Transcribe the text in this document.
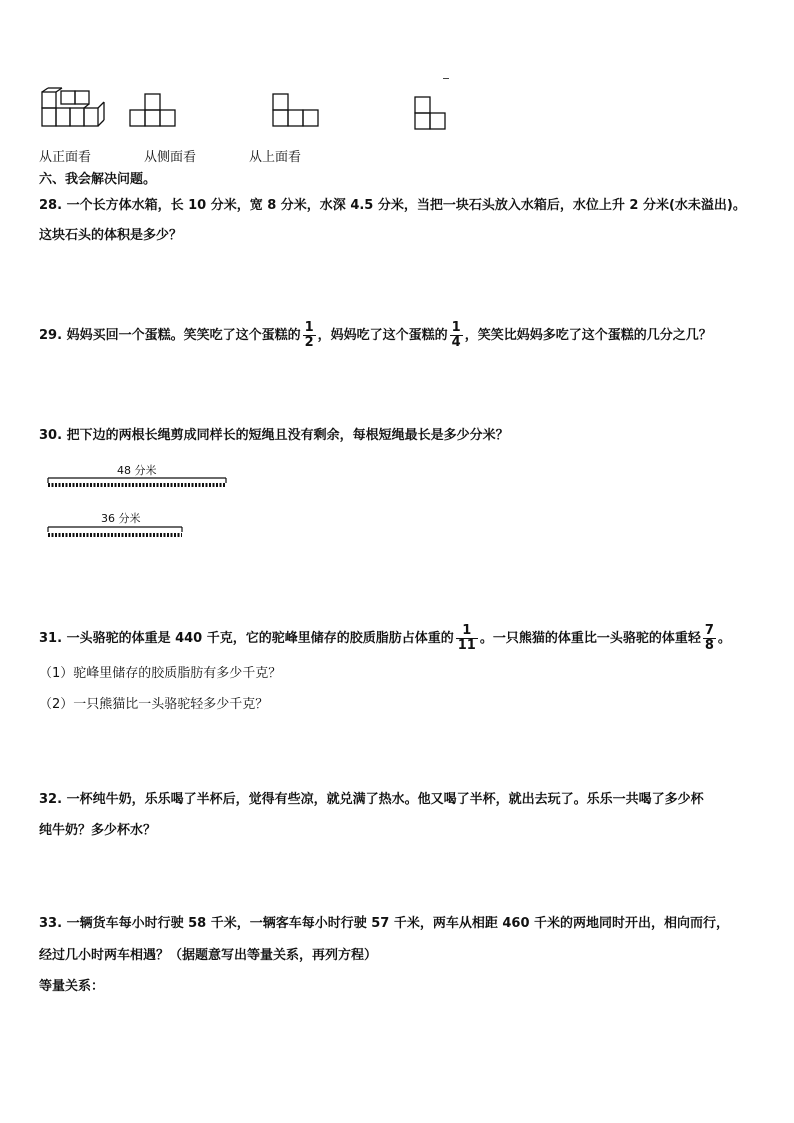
从正面看	从侧面看	从上面看
六、我会解决问题。
28. 一个长方体水箱，长 10 分米，宽 8 分米，水深 4.5 分米，当把一块石头放入水箱后，水位上升 2 分米(水未溢出)。
这块石头的体积是多少？
29. 妈妈买回一个蛋糕。笑笑吃了这个蛋糕的 $\frac{1}{2}$ ，妈妈吃了这个蛋糕的 $\frac{1}{4}$ ，笑笑比妈妈多吃了这个蛋糕的几分之几？
30. 把下边的两根长绳剪成同样长的短绳且没有剩余，每根短绳最长是多少分米？
48 分米
36 分米
31. 一头骆驼的体重是 440 千克，它的驼峰里储存的胶质脂肪占体重的 $\frac{1}{11}$ 。一只熊猫的体重比一头骆驼的体重轻 $\frac{7}{8}$ 。
（1）驼峰里储存的胶质脂肪有多少千克？
（2）一只熊猫比一头骆驼轻多少千克？
32. 一杯纯牛奶，乐乐喝了半杯后，觉得有些凉，就兑满了热水。他又喝了半杯，就出去玩了。乐乐一共喝了多少杯
纯牛奶？多少杯水？
33. 一辆货车每小时行驶 58 千米，一辆客车每小时行驶 57 千米，两车从相距 460 千米的两地同时开出，相向而行，
经过几小时两车相遇？（据题意写出等量关系，再列方程）
等量关系：
